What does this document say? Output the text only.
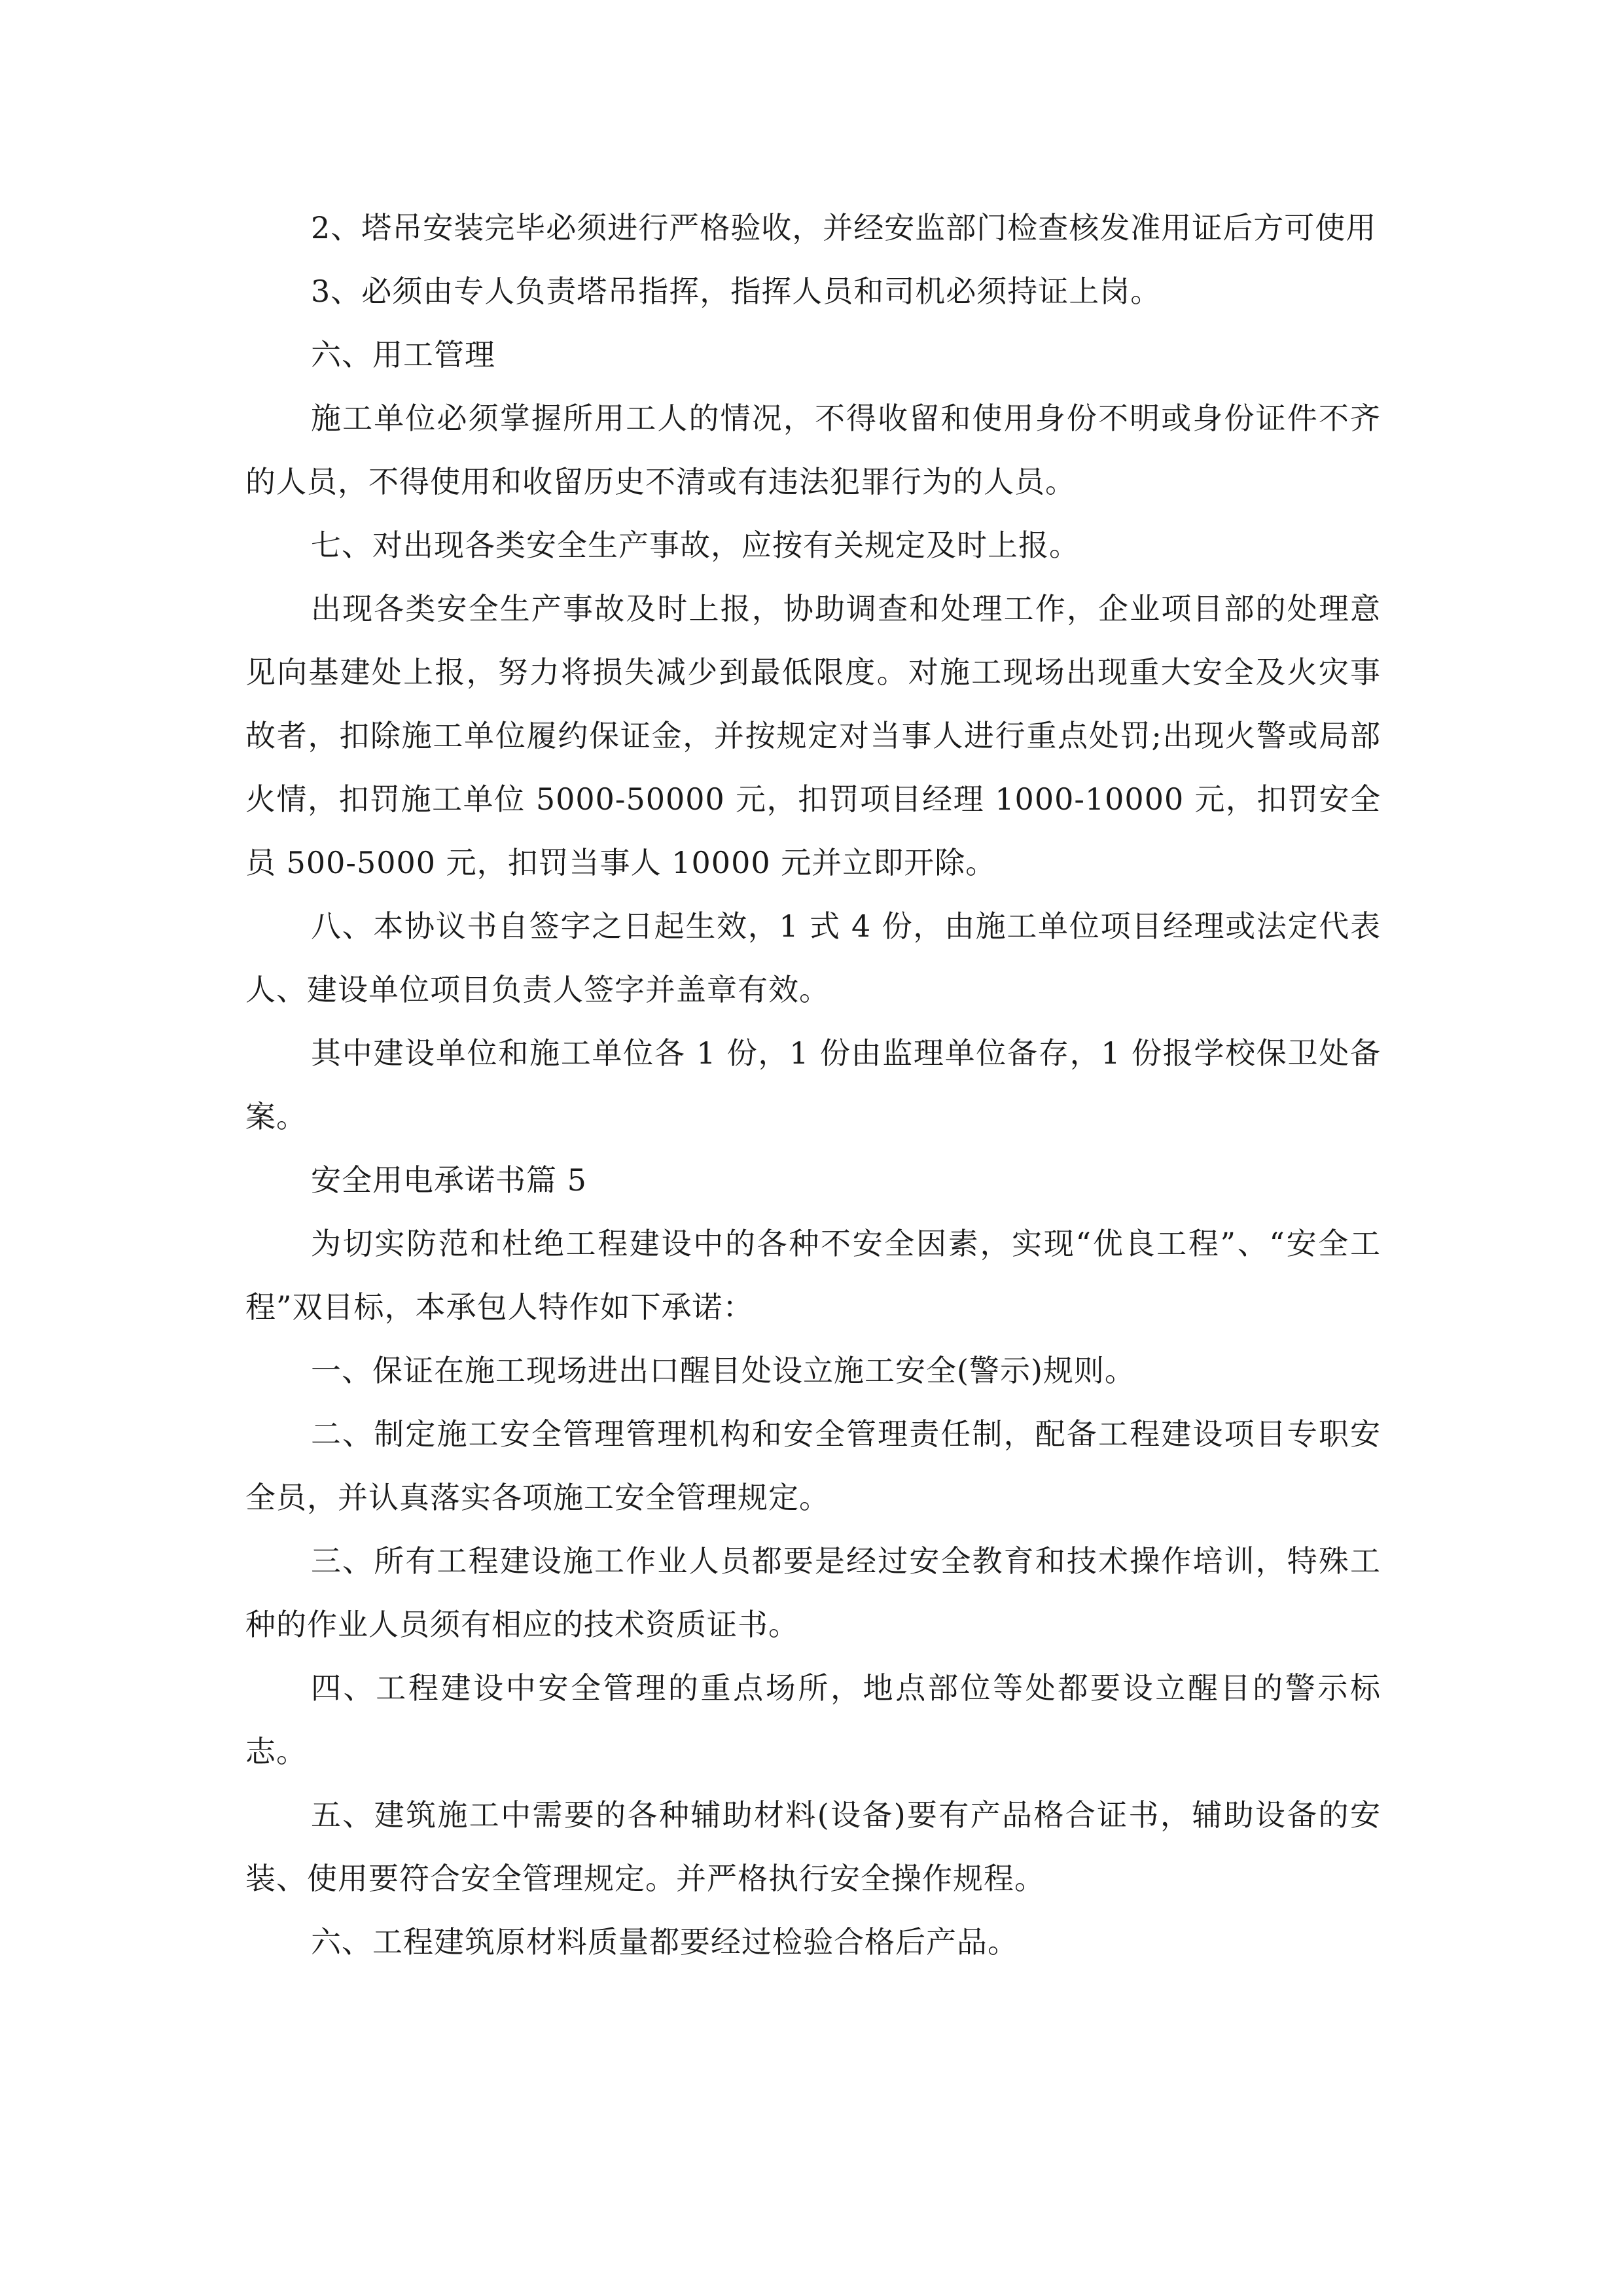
2、塔吊安装完毕必须进行严格验收，并经安监部门检查核发准用证后方可使用

3、必须由专人负责塔吊指挥，指挥人员和司机必须持证上岗。

六、用工管理

施工单位必须掌握所用工人的情况，不得收留和使用身份不明或身份证件不齐的人员，不得使用和收留历史不清或有违法犯罪行为的人员。

七、对出现各类安全生产事故，应按有关规定及时上报。

出现各类安全生产事故及时上报，协助调查和处理工作，企业项目部的处理意见向基建处上报，努力将损失减少到最低限度。对施工现场出现重大安全及火灾事故者，扣除施工单位履约保证金，并按规定对当事人进行重点处罚;出现火警或局部火情，扣罚施工单位 5000-50000 元，扣罚项目经理 1000-10000 元，扣罚安全员 500-5000 元，扣罚当事人 10000 元并立即开除。

八、本协议书自签字之日起生效，1 式 4 份，由施工单位项目经理或法定代表人、建设单位项目负责人签字并盖章有效。

其中建设单位和施工单位各 1 份，1 份由监理单位备存，1 份报学校保卫处备案。

安全用电承诺书篇 5

为切实防范和杜绝工程建设中的各种不安全因素，实现“优良工程”、“安全工程”双目标，本承包人特作如下承诺：

一、保证在施工现场进出口醒目处设立施工安全(警示)规则。

二、制定施工安全管理管理机构和安全管理责任制，配备工程建设项目专职安全员，并认真落实各项施工安全管理规定。

三、所有工程建设施工作业人员都要是经过安全教育和技术操作培训，特殊工种的作业人员须有相应的技术资质证书。

四、工程建设中安全管理的重点场所，地点部位等处都要设立醒目的警示标志。

五、建筑施工中需要的各种辅助材料(设备)要有产品格合证书，辅助设备的安装、使用要符合安全管理规定。并严格执行安全操作规程。

六、工程建筑原材料质量都要经过检验合格后产品。
